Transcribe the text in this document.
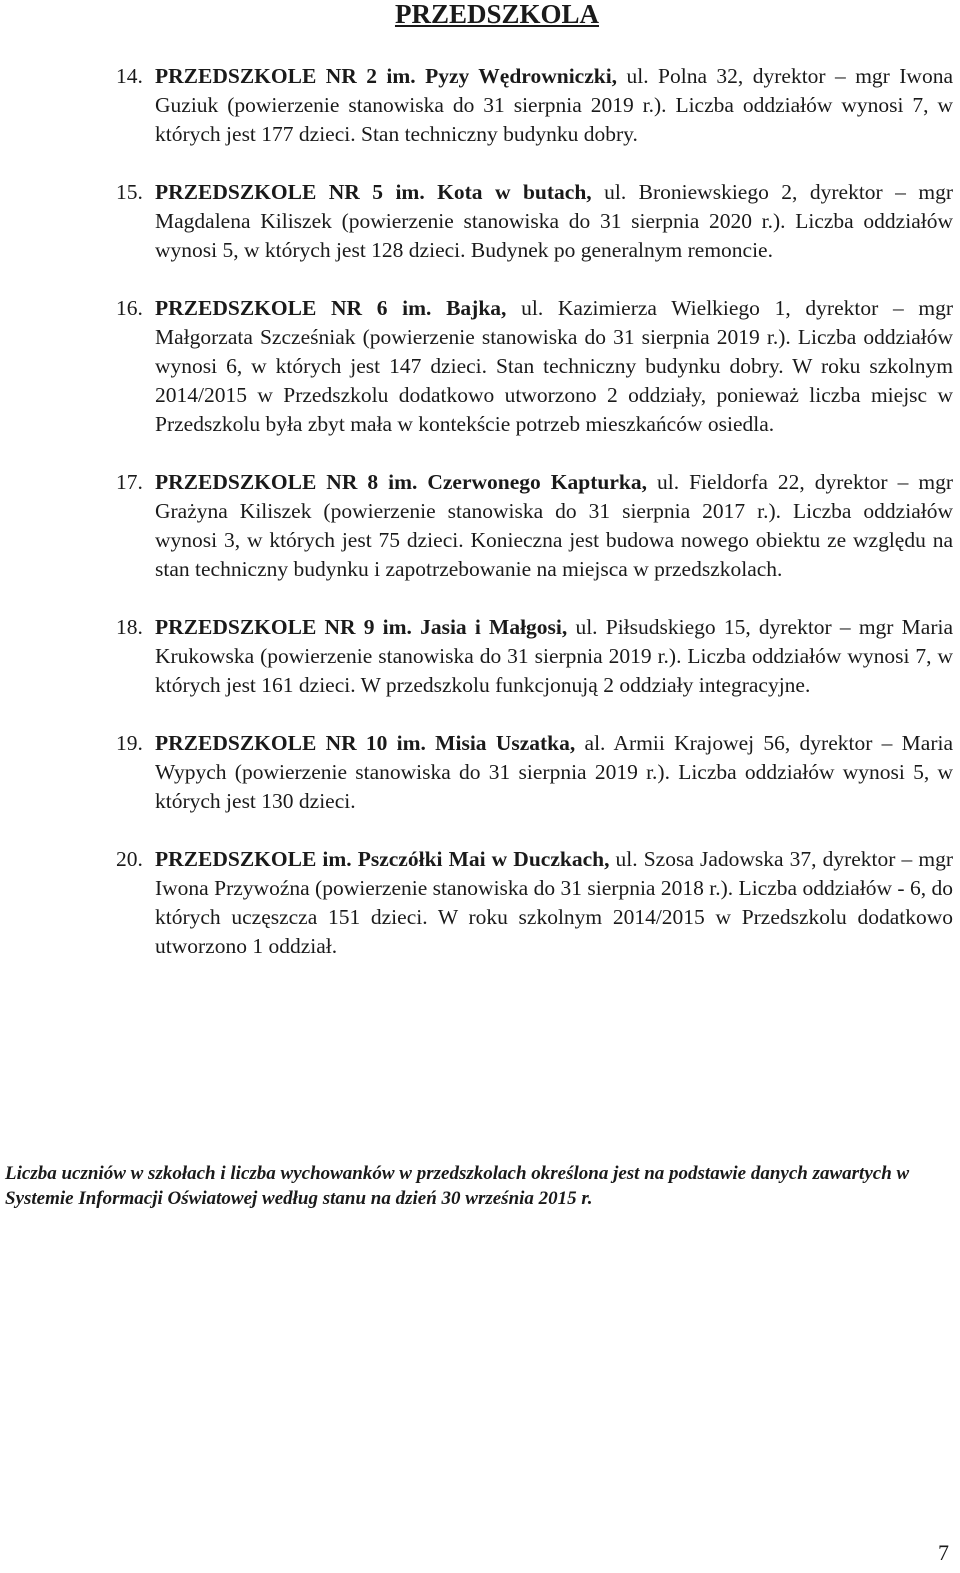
PRZEDSZKOLA
14. PRZEDSZKOLE NR 2 im. Pyzy Wędrowniczki, ul. Polna 32, dyrektor – mgr Iwona Guziuk (powierzenie stanowiska do 31 sierpnia 2019 r.). Liczba oddziałów wynosi 7, w których jest 177 dzieci. Stan techniczny budynku dobry.
15. PRZEDSZKOLE NR 5 im. Kota w butach, ul. Broniewskiego 2, dyrektor – mgr Magdalena Kiliszek (powierzenie stanowiska do 31 sierpnia 2020 r.). Liczba oddziałów wynosi 5, w których jest 128 dzieci. Budynek po generalnym remoncie.
16. PRZEDSZKOLE NR 6 im. Bajka, ul. Kazimierza Wielkiego 1, dyrektor – mgr Małgorzata Szcześniak (powierzenie stanowiska do 31 sierpnia 2019 r.). Liczba oddziałów wynosi 6, w których jest 147 dzieci. Stan techniczny budynku dobry. W roku szkolnym 2014/2015 w Przedszkolu dodatkowo utworzono 2 oddziały, ponieważ liczba miejsc w Przedszkolu była zbyt mała w kontekście potrzeb mieszkańców osiedla.
17. PRZEDSZKOLE NR 8 im. Czerwonego Kapturka, ul. Fieldorfa 22, dyrektor – mgr Grażyna Kiliszek (powierzenie stanowiska do 31 sierpnia 2017 r.). Liczba oddziałów wynosi 3, w których jest 75 dzieci. Konieczna jest budowa nowego obiektu ze względu na stan techniczny budynku i zapotrzebowanie na miejsca w przedszkolach.
18. PRZEDSZKOLE NR 9 im. Jasia i Małgosi, ul. Piłsudskiego 15, dyrektor – mgr Maria Krukowska (powierzenie stanowiska do 31 sierpnia 2019 r.). Liczba oddziałów wynosi 7, w których jest 161 dzieci. W przedszkolu funkcjonują 2 oddziały integracyjne.
19. PRZEDSZKOLE NR 10 im. Misia Uszatka, al. Armii Krajowej 56, dyrektor – Maria Wypych (powierzenie stanowiska do 31 sierpnia 2019 r.). Liczba oddziałów wynosi 5, w których jest 130 dzieci.
20. PRZEDSZKOLE im. Pszczółki Mai w Duczkach, ul. Szosa Jadowska 37, dyrektor – mgr Iwona Przywoźna (powierzenie stanowiska do 31 sierpnia 2018 r.). Liczba oddziałów - 6, do których uczęszcza 151 dzieci. W roku szkolnym 2014/2015 w Przedszkolu dodatkowo utworzono 1 oddział.
Liczba uczniów w szkołach i liczba wychowanków w przedszkolach określona jest na podstawie danych zawartych w Systemie Informacji Oświatowej według stanu na dzień 30 września 2015 r.
7
